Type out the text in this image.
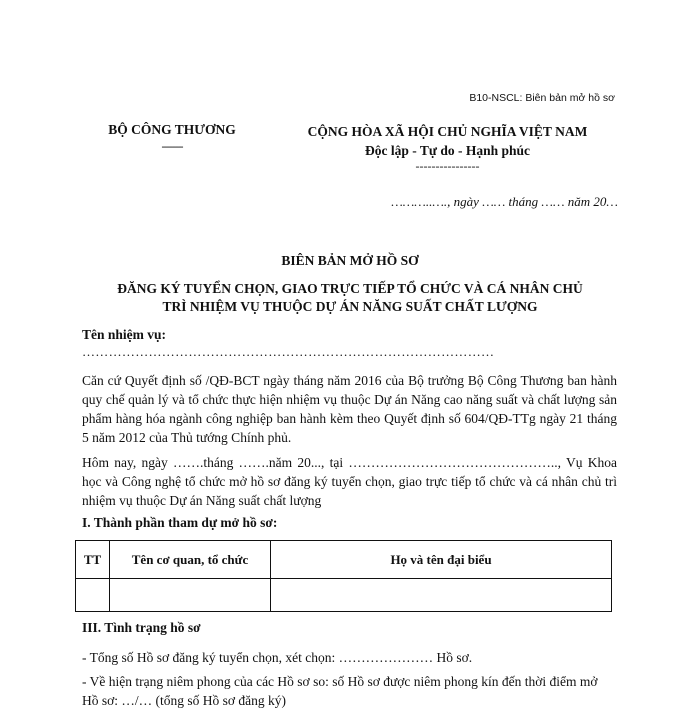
B10-NSCL: Biên bản mở hồ sơ
BỘ CÔNG THƯƠNG
-------
CỘNG HÒA XÃ HỘI CHỦ NGHĨA VIỆT NAM
Độc lập - Tự do - Hạnh phúc
----------------
………..…., ngày …… tháng …… năm 20…
BIÊN BẢN MỞ HỒ SƠ
ĐĂNG KÝ TUYỂN CHỌN, GIAO TRỰC TIẾP TỔ CHỨC VÀ CÁ NHÂN CHỦ
TRÌ NHIỆM VỤ THUỘC DỰ ÁN NĂNG SUẤT CHẤT LƯỢNG
Tên nhiệm vụ:
…………………………………………………………………………………
Căn cứ Quyết định số /QĐ-BCT ngày tháng năm 2016 của Bộ trưởng Bộ Công Thương ban hành quy chế quản lý và tổ chức thực hiện nhiệm vụ thuộc Dự án Năng cao năng suất và chất lượng sản phẩm hàng hóa ngành công nghiệp ban hành kèm theo Quyết định số 604/QĐ-TTg ngày 21 tháng 5 năm 2012 của Thủ tướng Chính phủ.
Hôm nay, ngày …….tháng …….năm 20..., tại ……………………………………….., Vụ Khoa học và Công nghệ tổ chức mở hồ sơ đăng ký tuyển chọn, giao trực tiếp tổ chức và cá nhân chủ trì nhiệm vụ thuộc Dự án Năng suất chất lượng
I. Thành phần tham dự mở hồ sơ:
TT	Tên cơ quan, tổ chức	Họ và tên đại biểu

III. Tình trạng hồ sơ
- Tổng số Hồ sơ đăng ký tuyển chọn, xét chọn: ………………… Hồ sơ.
- Về hiện trạng niêm phong của các Hồ sơ so: số Hồ sơ được niêm phong kín đến thời điểm mở Hồ sơ: …/… (tổng số Hồ sơ đăng ký)
